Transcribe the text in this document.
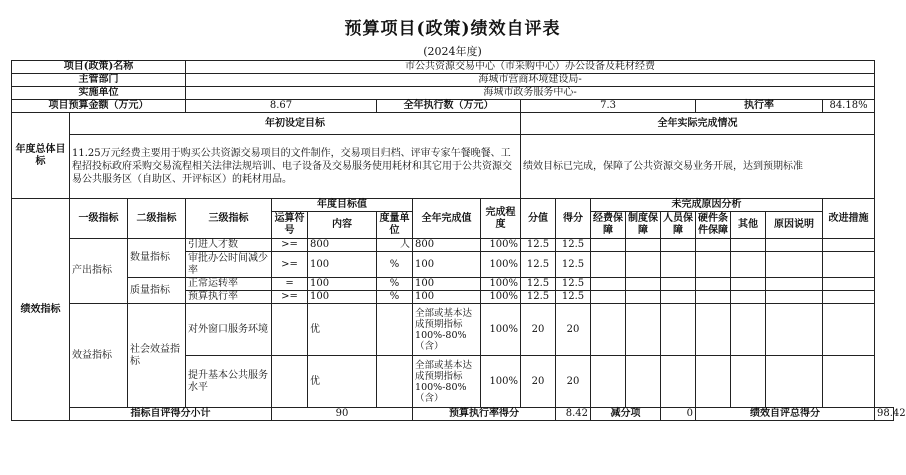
预算项目(政策)绩效自评表
(2024年度)
项目(政策)名称			市公共资源交易中心（市采购中心）办公设备及耗材经费															
主管部门			海城市营商环境建设局-															
实施单位			海城市政务服务中心-															
项目预算金额（万元）			8.67			全年执行数（万元）			7.3					执行率			84.18%	
年度总体目标	年初设定目标								全年实际完成情况									
	11.25万元经费主要用于购买公共资源交易项目的文件制作，交易项目归档、评审专家午餐晚餐、工程招投标政府采购交易流程相关法律法规培训、电子设备及交易服务使用耗材和其它用于公共资源交易公共服务区（自助区、开评标区）的耗材用品。								绩效目标已完成，保障了公共资源交易业务开展，达到预期标准									
绩效指标	一级指标	二级指标	三级指标	年度目标值			全年完成值	完成程度	分值	得分	未完成原因分析						改进措施	
				运算符号	内容	度量单位					经费保障	制度保障	人员保障	硬件条件保障	其他	原因说明		

	产出指标	数量指标	引进人才数	>=	800	人	800	100%	12.5	12.5								
			审批办公时间减少率	>=	100	%	100	100%	12.5	12.5								
		质量指标	正常运转率	=	100	%	100	100%	12.5	12.5								
			预算执行率	>=	100	%	100	100%	12.5	12.5								
	效益指标	社会效益指标	对外窗口服务环境		优		全部或基本达成预期指标100%-80%（含）	100%	20	20								
			提升基本公共服务水平		优		全部或基本达成预期指标100%-80%（含）	100%	20	20								
	指标自评得分小计			90			预算执行率得分			8.42	减分项		0	绩效自评总得分				98.42
